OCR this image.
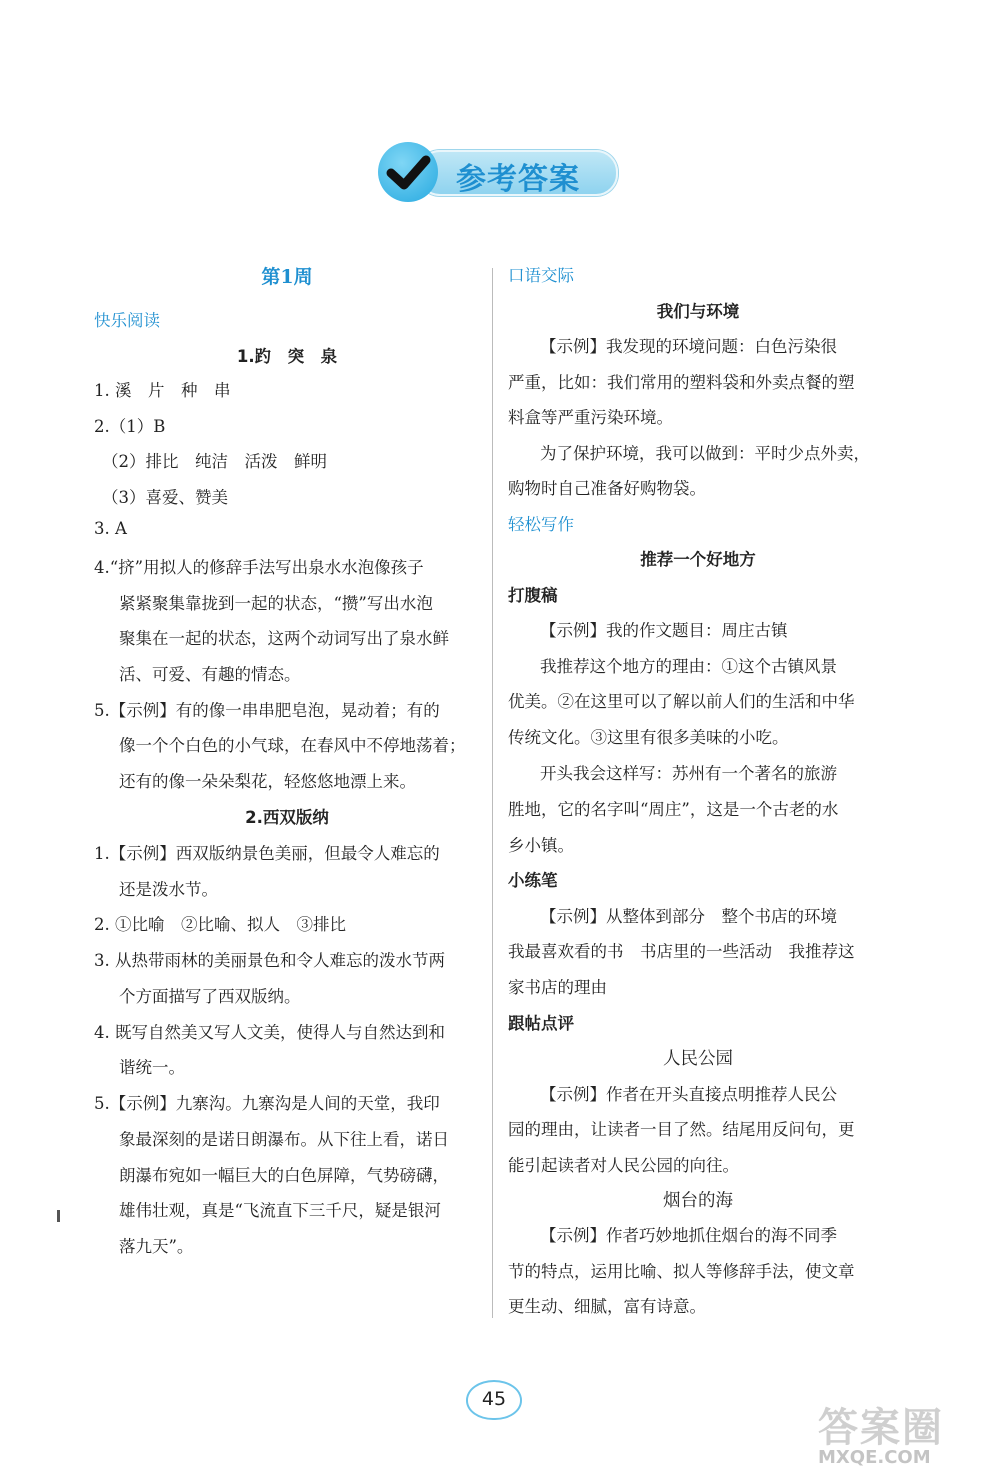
参考答案
第1周
快乐阅读
1.趵　突　泉
1. 溪　片　种　串
2.（1）B
（2）排比　纯洁　活泼　鲜明
（3）喜爱、赞美
3. A
4.“挤”用拟人的修辞手法写出泉水水泡像孩子
紧紧聚集靠拢到一起的状态，“攒”写出水泡
聚集在一起的状态，这两个动词写出了泉水鲜
活、可爱、有趣的情态。
5.【示例】有的像一串串肥皂泡，晃动着；有的
像一个个白色的小气球，在春风中不停地荡着；
还有的像一朵朵梨花，轻悠悠地漂上来。
2.西双版纳
1.【示例】西双版纳景色美丽，但最令人难忘的
还是泼水节。
2. ①比喻　②比喻、拟人　③排比
3. 从热带雨林的美丽景色和令人难忘的泼水节两
个方面描写了西双版纳。
4. 既写自然美又写人文美，使得人与自然达到和
谐统一。
5.【示例】九寨沟。九寨沟是人间的天堂，我印
象最深刻的是诺日朗瀑布。从下往上看，诺日
朗瀑布宛如一幅巨大的白色屏障，气势磅礴，
雄伟壮观，真是“飞流直下三千尺，疑是银河
落九天”。
口语交际
我们与环境
【示例】我发现的环境问题：白色污染很
严重，比如：我们常用的塑料袋和外卖点餐的塑
料盒等严重污染环境。
为了保护环境，我可以做到：平时少点外卖，
购物时自己准备好购物袋。
轻松写作
推荐一个好地方
打腹稿
【示例】我的作文题目：周庄古镇
我推荐这个地方的理由：①这个古镇风景
优美。②在这里可以了解以前人们的生活和中华
传统文化。③这里有很多美味的小吃。
开头我会这样写：苏州有一个著名的旅游
胜地，它的名字叫“周庄”，这是一个古老的水
乡小镇。
小练笔
【示例】从整体到部分　整个书店的环境
我最喜欢看的书　书店里的一些活动　我推荐这
家书店的理由
跟帖点评
人民公园
【示例】作者在开头直接点明推荐人民公
园的理由，让读者一目了然。结尾用反问句，更
能引起读者对人民公园的向往。
烟台的海
【示例】作者巧妙地抓住烟台的海不同季
节的特点，运用比喻、拟人等修辞手法，使文章
更生动、细腻，富有诗意。
45
答案圈
MXQE.COM
